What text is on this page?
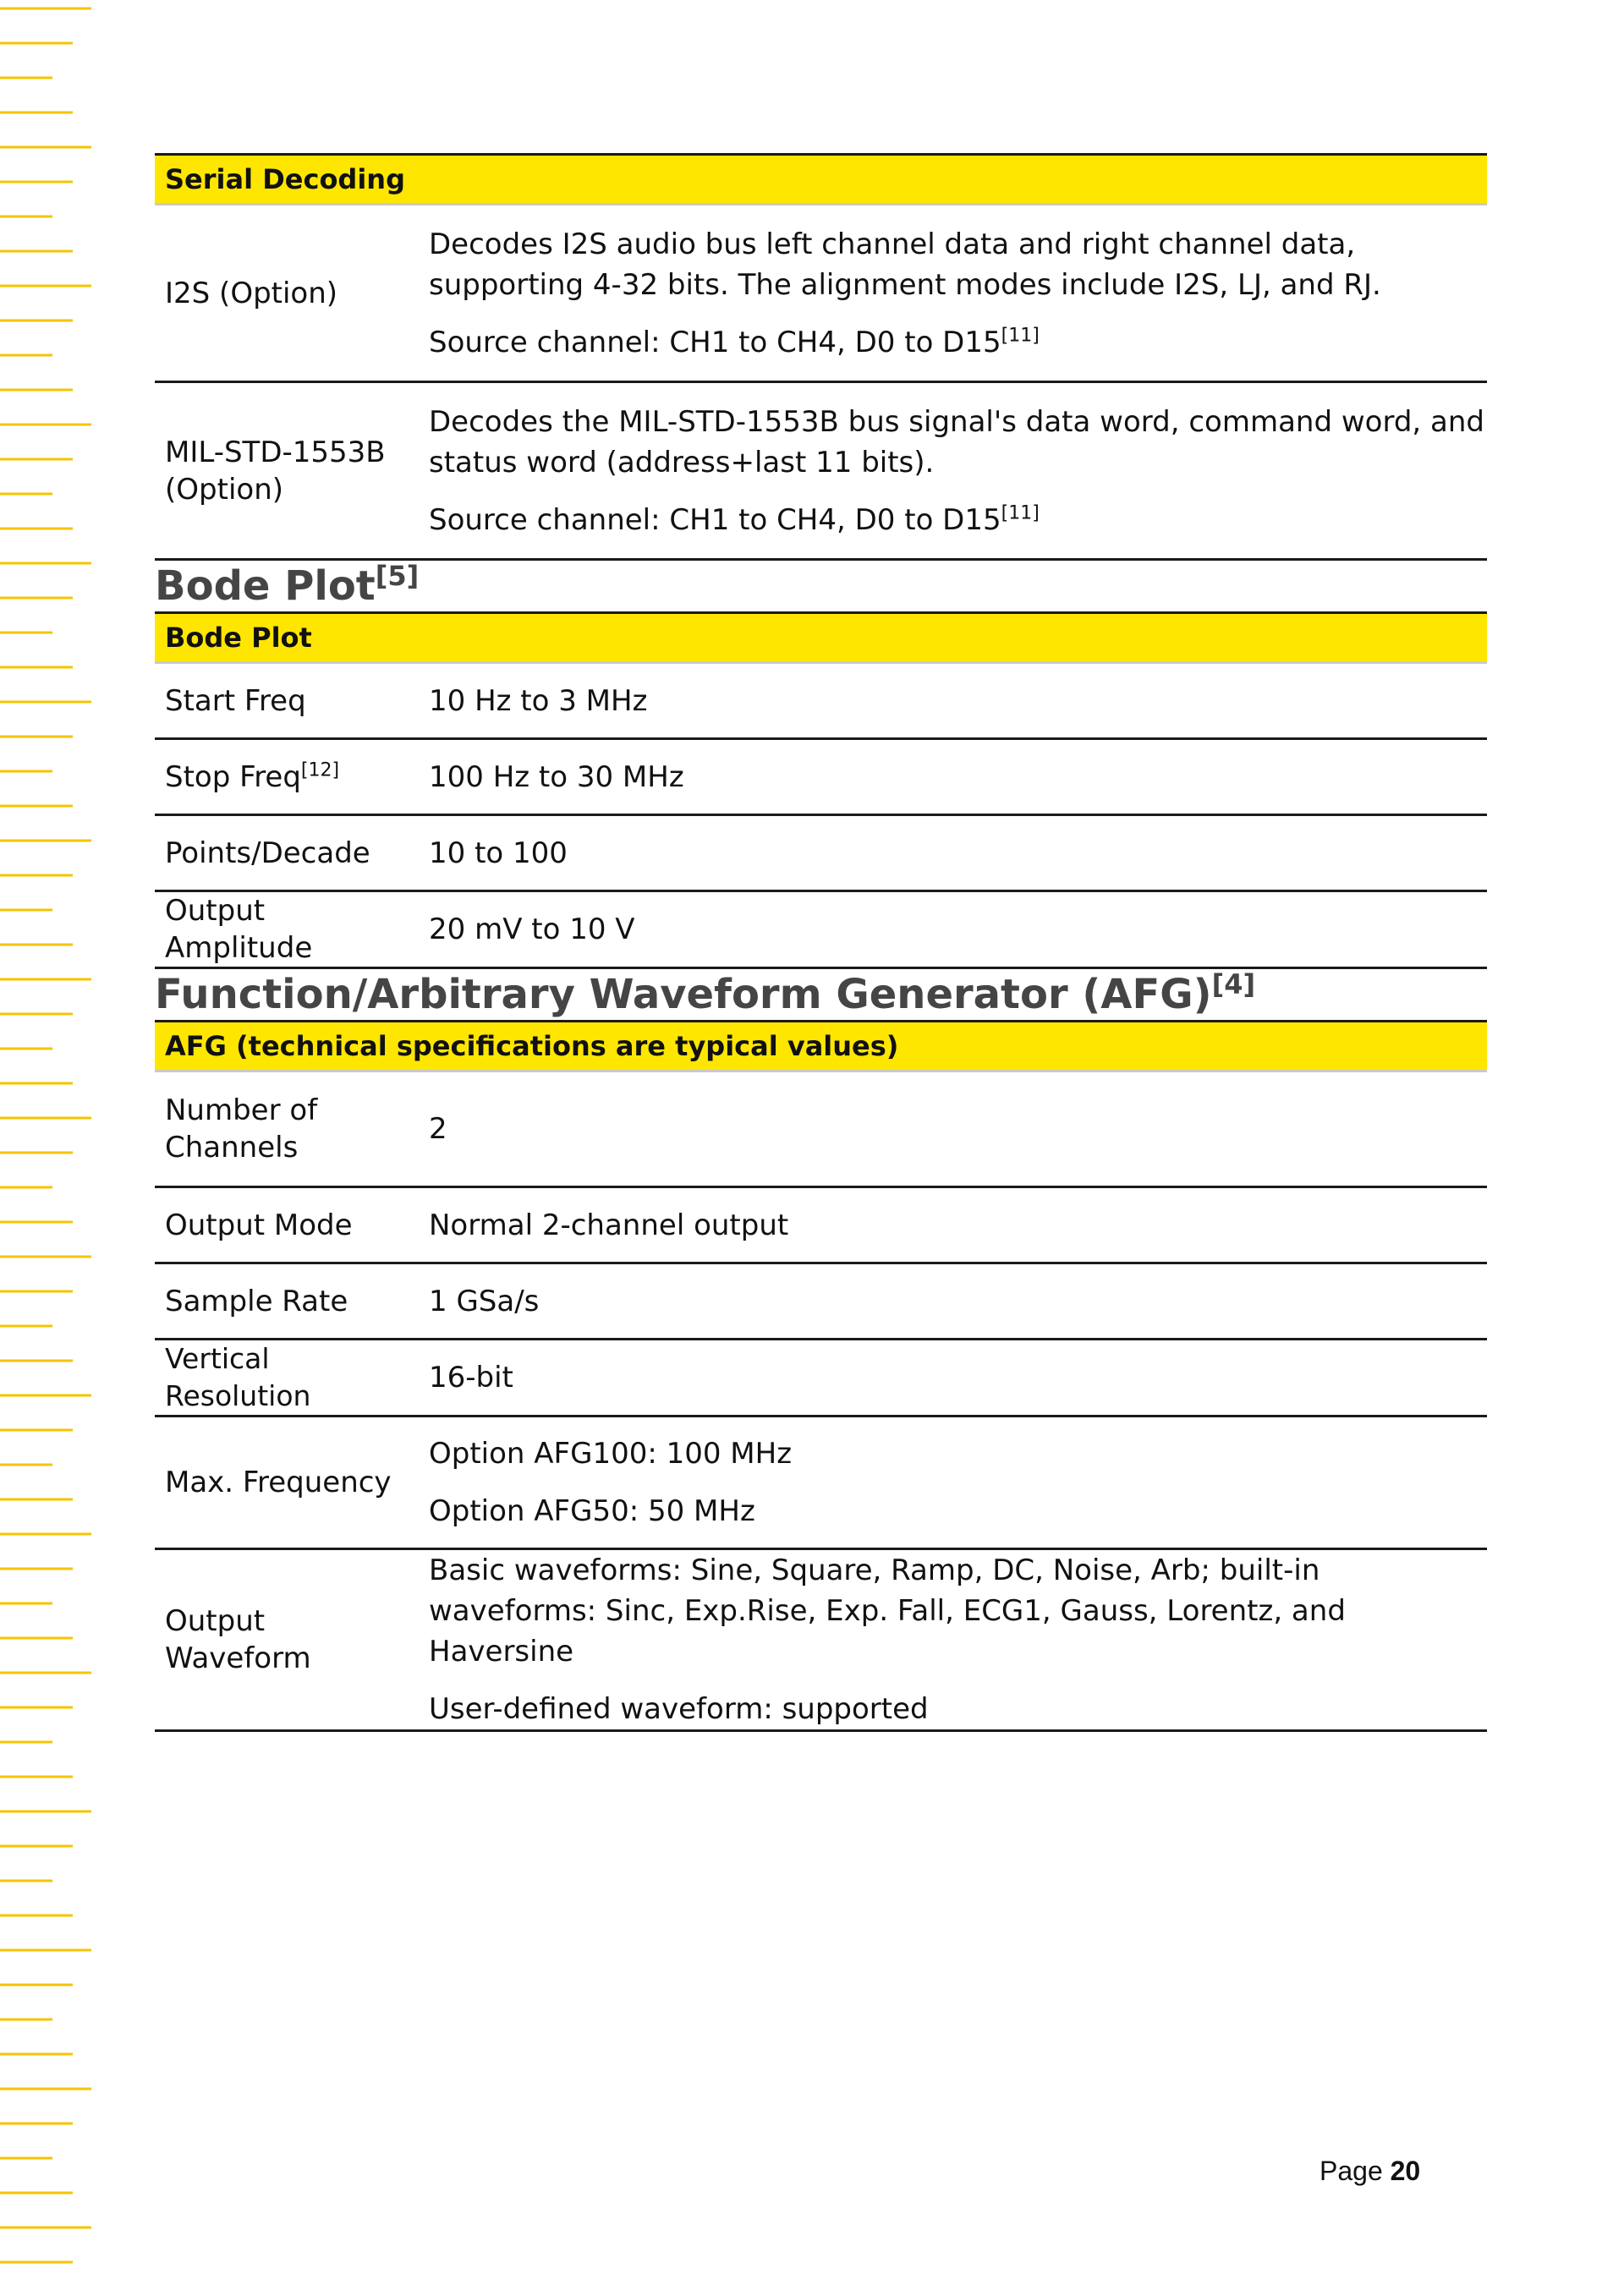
Serial Decoding	
I2S (Option)	Decodes I2S audio bus left channel data and right channel data, supporting 4-32 bits. The alignment modes include I2S, LJ, and RJ.

Source channel: CH1 to CH4, D0 to D15[11]

MIL-STD-1553B (Option)	Decodes the MIL-STD-1553B bus signal's data word, command word, and status word (address+last 11 bits).

Source channel: CH1 to CH4, D0 to D15[11]

Bode Plot[5]
Bode Plot	
Start Freq	10 Hz to 3 MHz
Stop Freq[12]	100 Hz to 30 MHz
Points/Decade	10 to 100
Output Amplitude	20 mV to 10 V
Function/Arbitrary Waveform Generator (AFG)[4]
AFG (technical specifications are typical values)	
Number of Channels	2
Output Mode	Normal 2-channel output
Sample Rate	1 GSa/s
Vertical Resolution	16-bit
Max. Frequency	Option AFG100: 100 MHz

Option AFG50: 50 MHz

Output Waveform	Basic waveforms: Sine, Square, Ramp, DC, Noise, Arb; built-in waveforms: Sinc, Exp.Rise, Exp. Fall, ECG1, Gauss, Lorentz, and Haversine

User-defined waveform: supported

Page 20
